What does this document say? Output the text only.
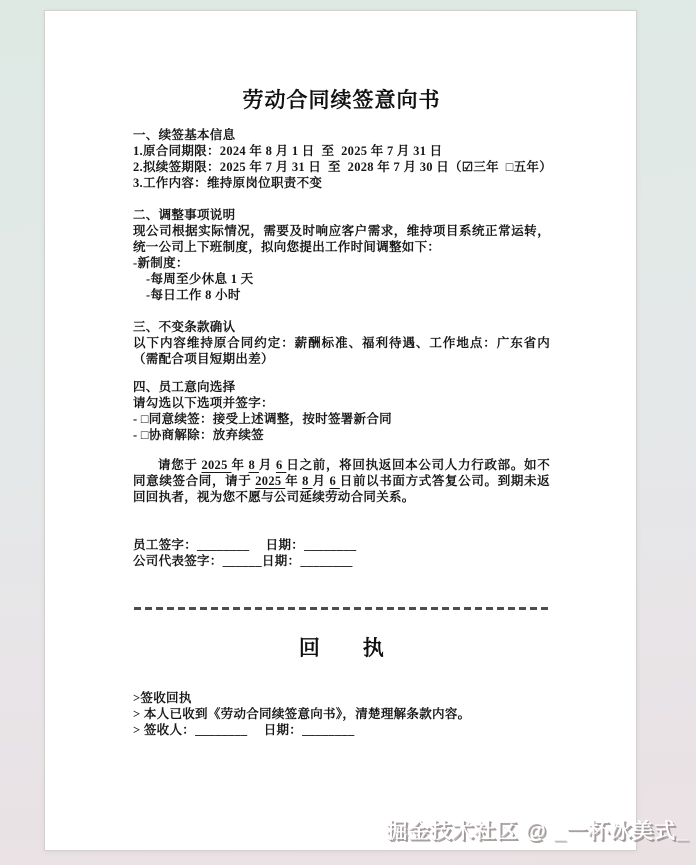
劳动合同续签意向书
一、续签基本信息
1.原合同期限：2024 年 8 月 1 日  至  2025 年 7 月 31 日
2.拟续签期限：2025 年 7 月 31 日  至  2028 年 7 月 30 日（☑三年  □五年）
3.工作内容：维持原岗位职责不变
二、调整事项说明
现公司根据实际情况，需要及时响应客户需求，维持项目系统正常运转，统一公司上下班制度，拟向您提出工作时间调整如下：
-新制度：
-每周至少休息 1 天
-每日工作 8 小时
三、不变条款确认
以下内容维持原合同约定：薪酬标准、福利待遇、工作地点：广东省内（需配合项目短期出差）
四、员工意向选择
请勾选以下选项并签字：
- □同意续签：接受上述调整，按时签署新合同
- □协商解除：放弃续签
请您于 2025 年 8 月 6 日之前，将回执返回本公司人力行政部。如不同意续签合同，请于 2025 年 8 月 6 日前以书面方式答复公司。到期未返回回执者，视为您不愿与公司延续劳动合同关系。
员工签字：________　 日期：________
公司代表签字：______日期：________
回　　执
>签收回执
> 本人已收到《劳动合同续签意向书》，清楚理解条款内容。
> 签收人：________　 日期：________
掘金技术社区 @ _一杯冰美式_
